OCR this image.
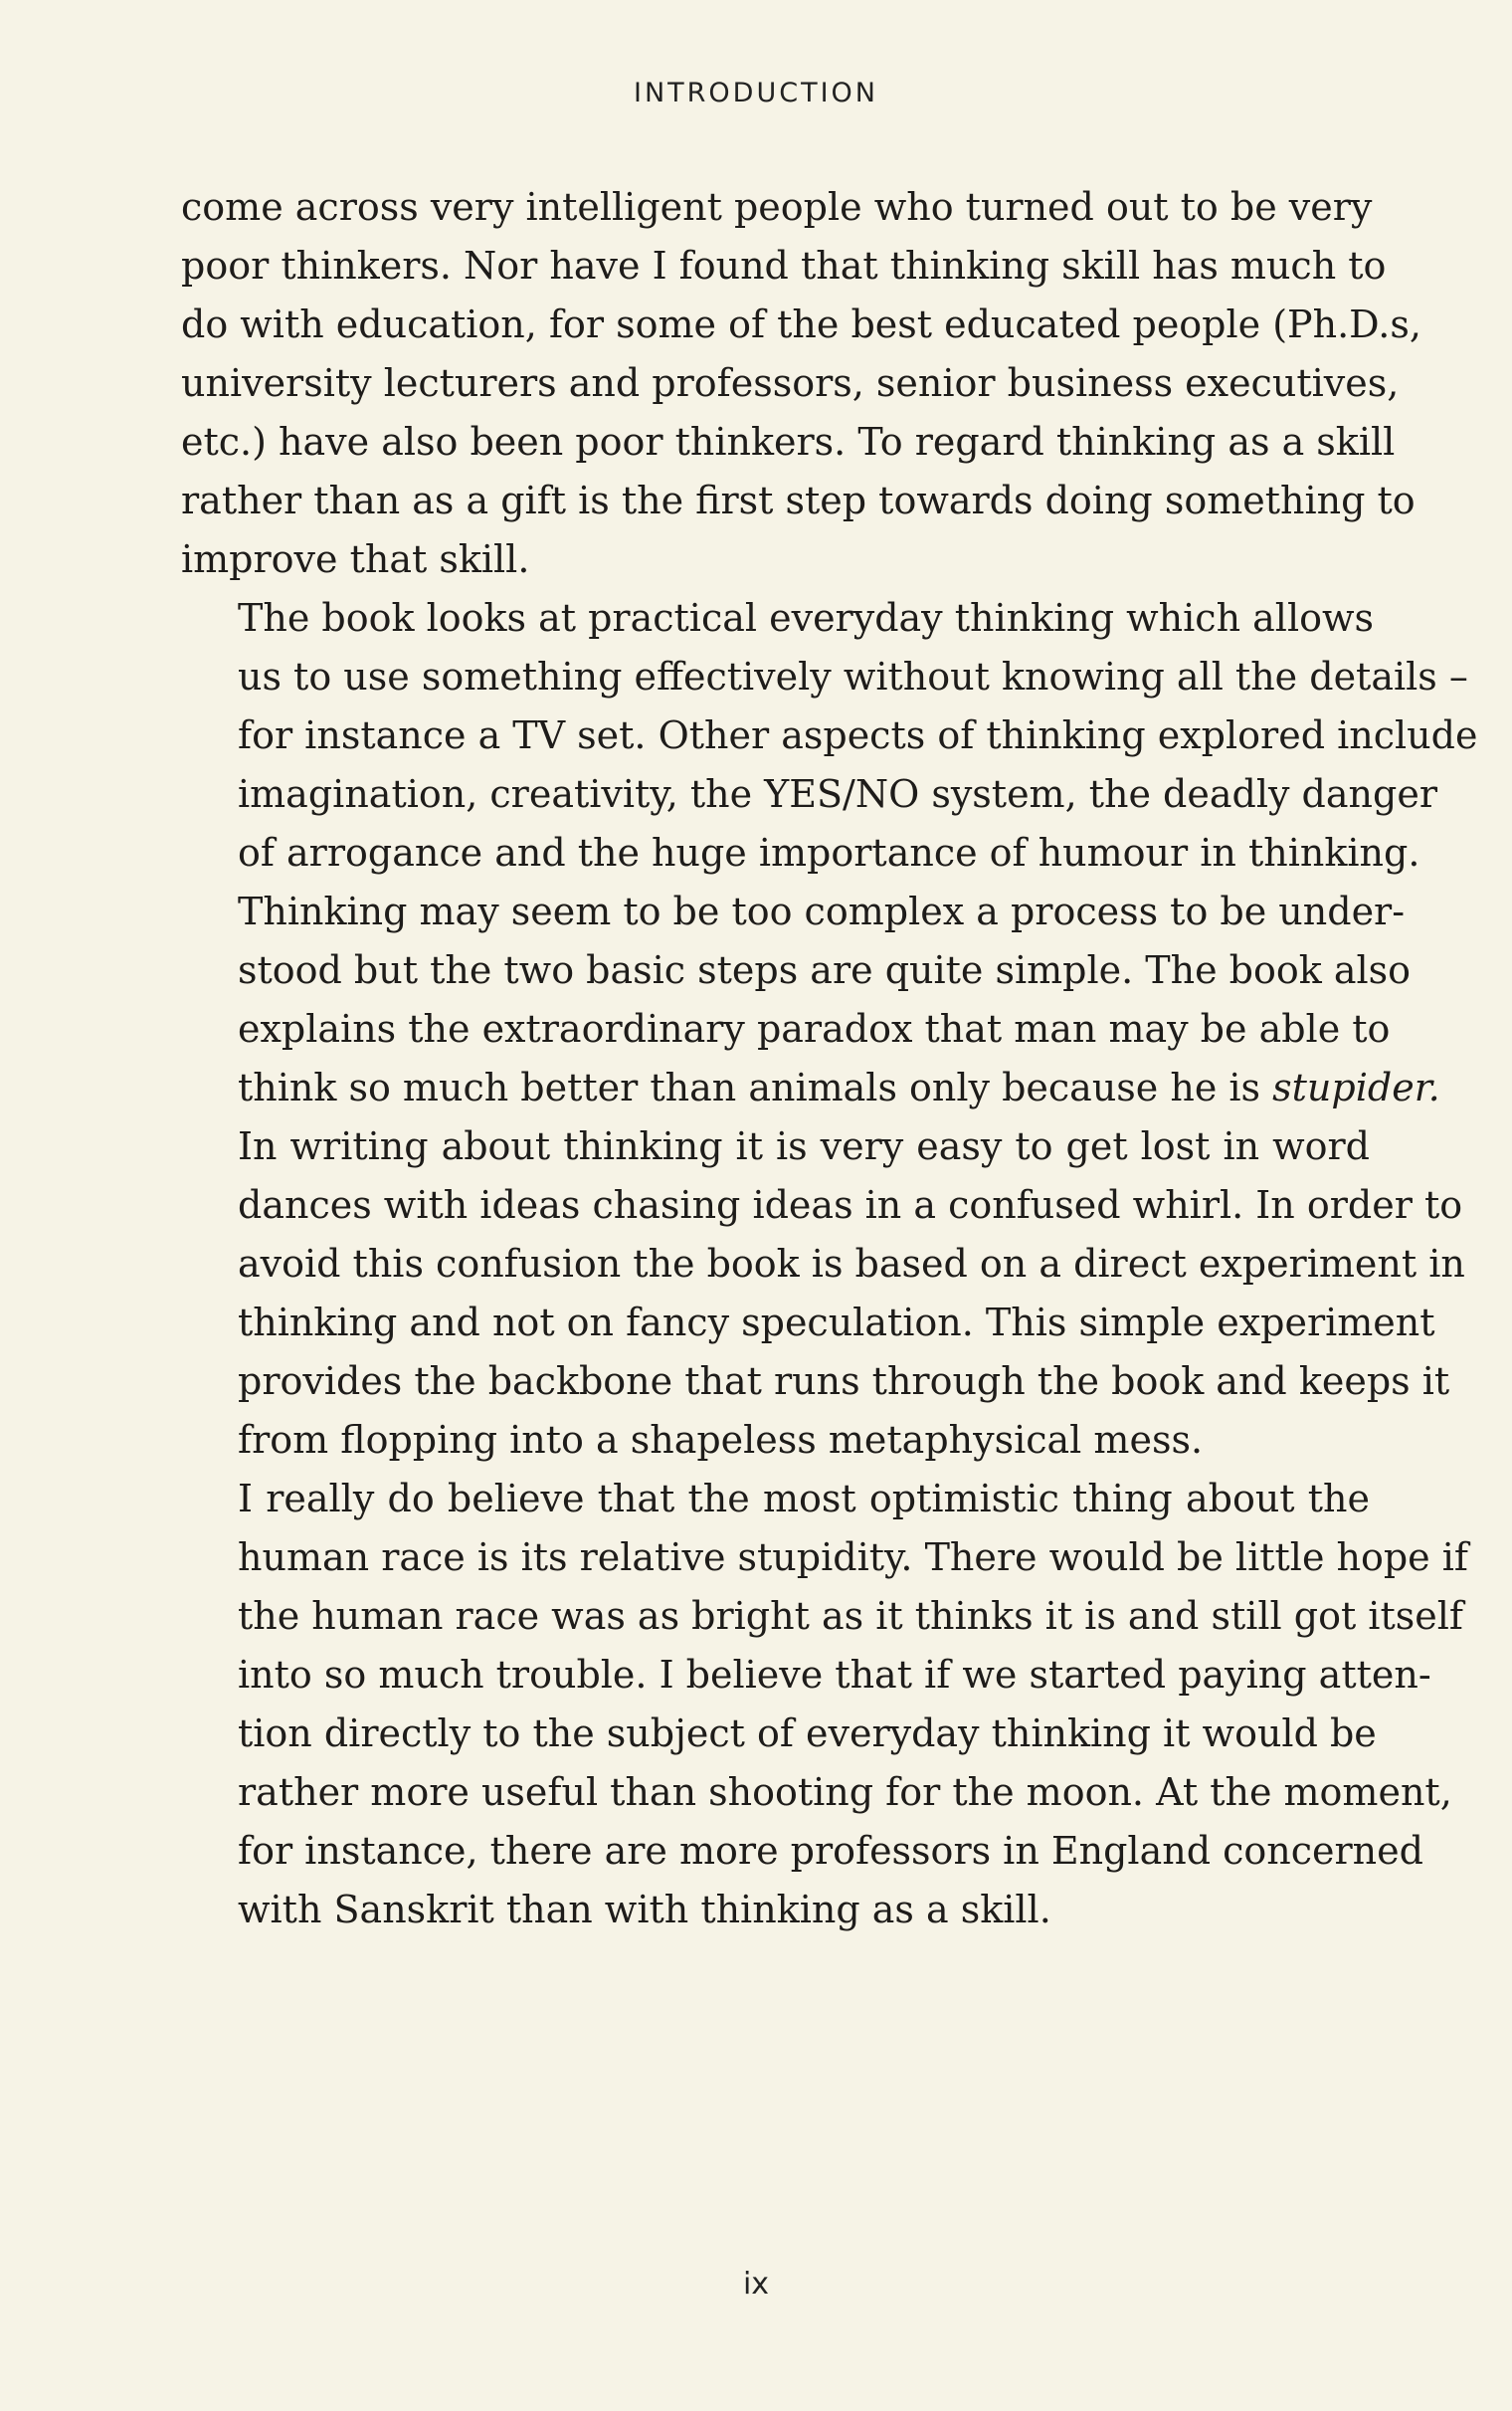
INTRODUCTION

come across very intelligent people who turned out to be very
poor thinkers. Nor have I found that thinking skill has much to
do with education, for some of the best educated people (Ph.D.s,
university lecturers and professors, senior business executives,
etc.) have also been poor thinkers. To regard thinking as a skill
rather than as a gift is the first step towards doing something to
improve that skill.

The book looks at practical everyday thinking which allows
us to use something effectively without knowing all the details –
for instance a TV set. Other aspects of thinking explored include
imagination, creativity, the YES/NO system, the deadly danger
of arrogance and the huge importance of humour in thinking.

Thinking may seem to be too complex a process to be under-
stood but the two basic steps are quite simple. The book also
explains the extraordinary paradox that man may be able to
think so much better than animals only because he is stupider.

In writing about thinking it is very easy to get lost in word
dances with ideas chasing ideas in a confused whirl. In order to
avoid this confusion the book is based on a direct experiment in
thinking and not on fancy speculation. This simple experiment
provides the backbone that runs through the book and keeps it
from flopping into a shapeless metaphysical mess.

I really do believe that the most optimistic thing about the
human race is its relative stupidity. There would be little hope if
the human race was as bright as it thinks it is and still got itself
into so much trouble. I believe that if we started paying atten-
tion directly to the subject of everyday thinking it would be
rather more useful than shooting for the moon. At the moment,
for instance, there are more professors in England concerned
with Sanskrit than with thinking as a skill.

ix
